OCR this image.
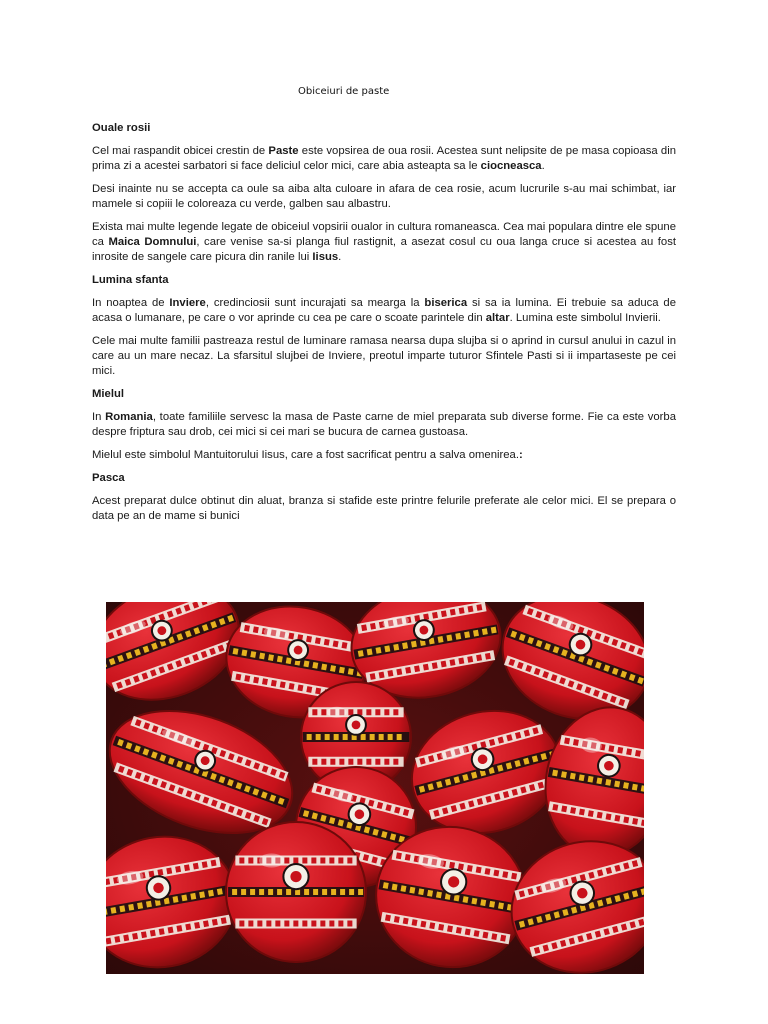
Obiceiuri de paste
Ouale rosii

Cel mai raspandit obicei crestin de Paste este vopsirea de oua rosii. Acestea sunt nelipsite de pe masa copioasa din prima zi a acestei sarbatori si face deliciul celor mici, care abia asteapta sa le ciocneasca.

Desi inainte nu se accepta ca oule sa aiba alta culoare in afara de cea rosie, acum lucrurile s-au mai schimbat, iar mamele si copiii le coloreaza cu verde, galben sau albastru.

Exista mai multe legende legate de obiceiul vopsirii oualor in cultura romaneasca. Cea mai populara dintre ele spune ca Maica Domnului, care venise sa-si planga fiul rastignit, a asezat cosul cu oua langa cruce si acestea au fost inrosite de sangele care picura din ranile lui Iisus.

Lumina sfanta

In noaptea de Inviere, credinciosii sunt incurajati sa mearga la biserica si sa ia lumina. Ei trebuie sa aduca de acasa o lumanare, pe care o vor aprinde cu cea pe care o scoate parintele din altar. Lumina este simbolul Invierii.

Cele mai multe familii pastreaza restul de luminare ramasa nearsa dupa slujba si o aprind in cursul anului in cazul in care au un mare necaz. La sfarsitul slujbei de Inviere, preotul imparte tuturor Sfintele Pasti si ii impartaseste pe cei mici.

Mielul

In Romania, toate familiile servesc la masa de Paste carne de miel preparata sub diverse forme. Fie ca este vorba despre friptura sau drob, cei mici si cei mari se bucura de carnea gustoasa.

Mielul este simbolul Mantuitorului Iisus, care a fost sacrificat pentru a salva omenirea.:

Pasca

Acest preparat dulce obtinut din aluat, branza si stafide este printre felurile preferate ale celor mici. El se prepara o data pe an de mame si bunici
